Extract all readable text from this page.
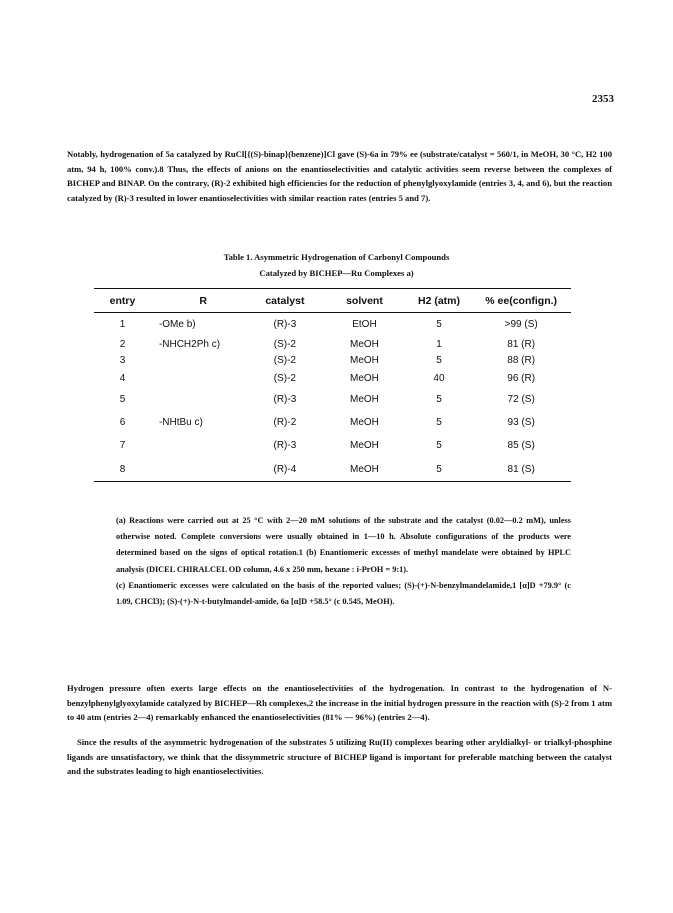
2353
Notably, hydrogenation of 5a catalyzed by RuCl[{(S)-binap}(benzene)]Cl gave (S)-6a in 79% ee (substrate/catalyst = 560/1, in MeOH, 30 °C, H2 100 atm, 94 h, 100% conv.).8 Thus, the effects of anions on the enantioselectivities and catalytic activities seem reverse between the complexes of BICHEP and BINAP. On the contrary, (R)-2 exhibited high efficiencies for the reduction of phenylglyoxylamide (entries 3, 4, and 6), but the reaction catalyzed by (R)-3 resulted in lower enantioselectivities with similar reaction rates (entries 5 and 7).
Table 1. Asymmetric Hydrogenation of Carbonyl Compounds
Catalyzed by BICHEP—Ru Complexes a)
entry	R	catalyst	solvent	H2 (atm)	% ee(confign.)
1	-OMe b)	(R)-3	EtOH	5	>99 (S)
2	-NHCH2Ph c)	(S)-2	MeOH	1	81 (R)
3		(S)-2	MeOH	5	88 (R)
4		(S)-2	MeOH	40	96 (R)
5		(R)-3	MeOH	5	72 (S)
6	-NHtBu c)	(R)-2	MeOH	5	93 (S)
7		(R)-3	MeOH	5	85 (S)
8		(R)-4	MeOH	5	81 (S)

(a) Reactions were carried out at 25 °C with 2—20 mM solutions of the substrate and the catalyst (0.02—0.2 mM), unless otherwise noted. Complete conversions were usually obtained in 1—10 h. Absolute configurations of the products were determined based on the signs of optical rotation.1 (b) Enantiomeric excesses of methyl mandelate were obtained by HPLC analysis (DICEL CHIRALCEL OD column, 4.6 x 250 mm, hexane : i-PrOH = 9:1).

(c) Enantiomeric excesses were calculated on the basis of the reported values; (S)-(+)-N-benzylmandelamide,1 [α]D +79.9° (c 1.09, CHCl3); (S)-(+)-N-t-butylmandel-amide, 6a [α]D +58.5° (c 0.545, MeOH).

Hydrogen pressure often exerts large effects on the enantioselectivities of the hydrogenation. In contrast to the hydrogenation of N-benzylphenylglyoxylamide catalyzed by BICHEP—Rh complexes,2 the increase in the initial hydrogen pressure in the reaction with (S)-2 from 1 atm to 40 atm (entries 2—4) remarkably enhanced the enantioselectivities (81% — 96%) (entries 2—4).
Since the results of the asymmetric hydrogenation of the substrates 5 utilizing Ru(II) complexes bearing other aryldialkyl- or trialkyl-phosphine ligands are unsatisfactory, we think that the dissymmetric structure of BICHEP ligand is important for preferable matching between the catalyst and the substrates leading to high enantioselectivities.
